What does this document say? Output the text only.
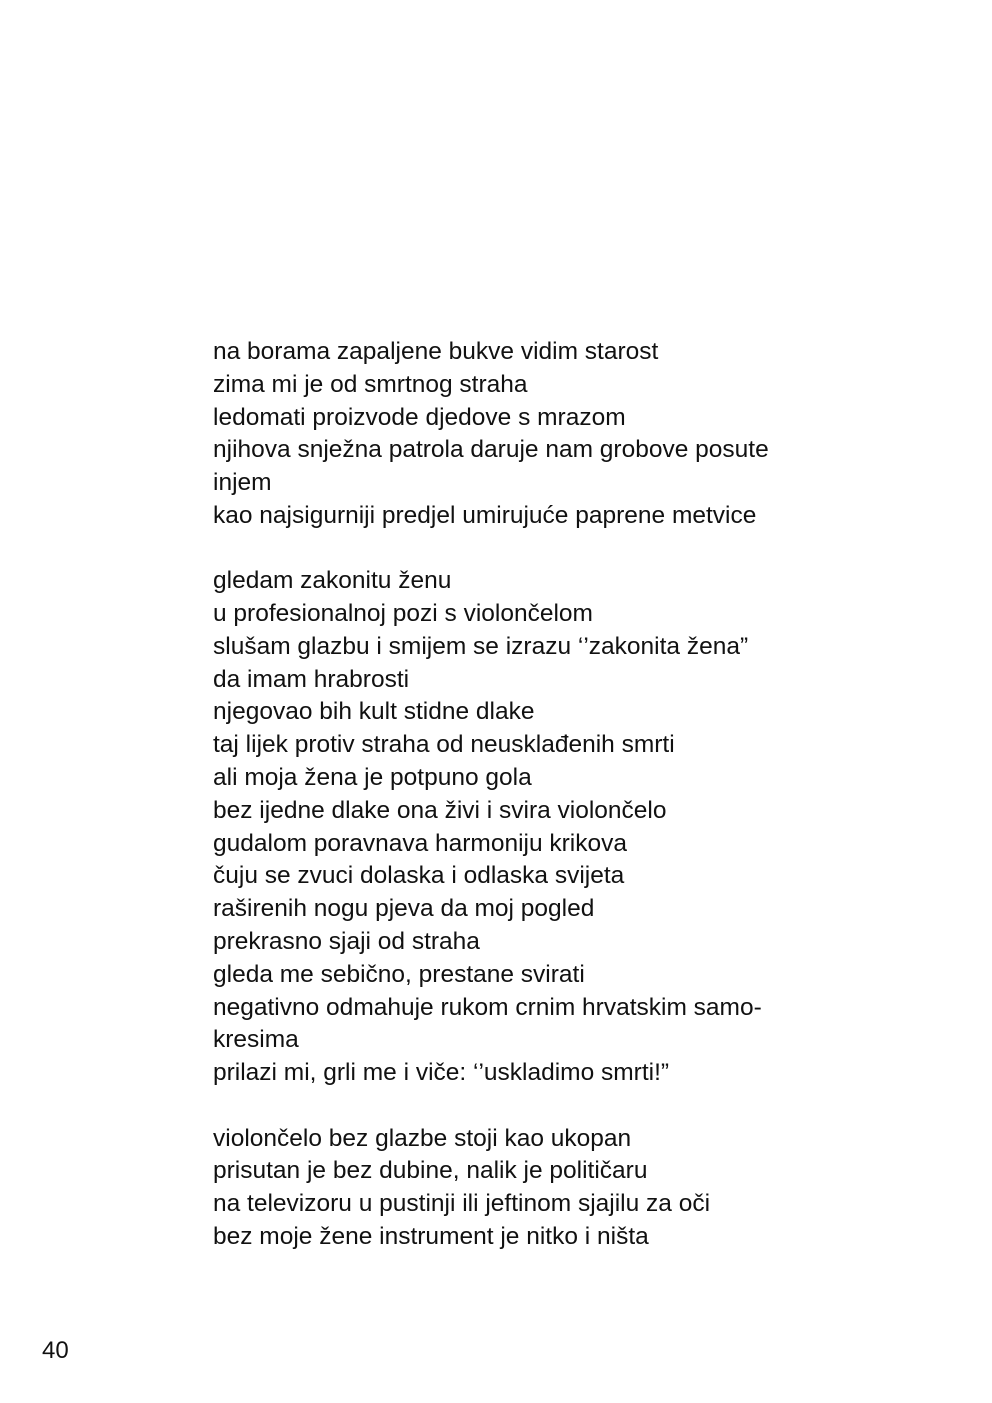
na borama zapaljene bukve vidim starost
zima mi je od smrtnog straha
ledomati proizvode djedove s mrazom
njihova snježna patrola daruje nam grobove posute
injem
kao najsigurniji predjel umirujuće paprene metvice

gledam zakonitu ženu
u profesionalnoj pozi s violončelom
slušam glazbu i smijem se izrazu ‘’zakonita žena”
da imam hrabrosti
njegovao bih kult stidne dlake
taj lijek protiv straha od neusklađenih smrti
ali moja žena je potpuno gola
bez ijedne dlake ona živi i svira violončelo
gudalom poravnava harmoniju krikova
čuju se zvuci dolaska i odlaska svijeta
raširenih nogu pjeva da moj pogled
prekrasno sjaji od straha
gleda me sebično, prestane svirati
negativno odmahuje rukom crnim hrvatskim samo-
kresima
prilazi mi, grli me i viče: ‘’uskladimo smrti!”

violončelo bez glazbe stoji kao ukopan
prisutan je bez dubine, nalik je političaru
na televizoru u pustinji ili jeftinom sjajilu za oči
bez moje žene instrument je nitko i ništa

40
